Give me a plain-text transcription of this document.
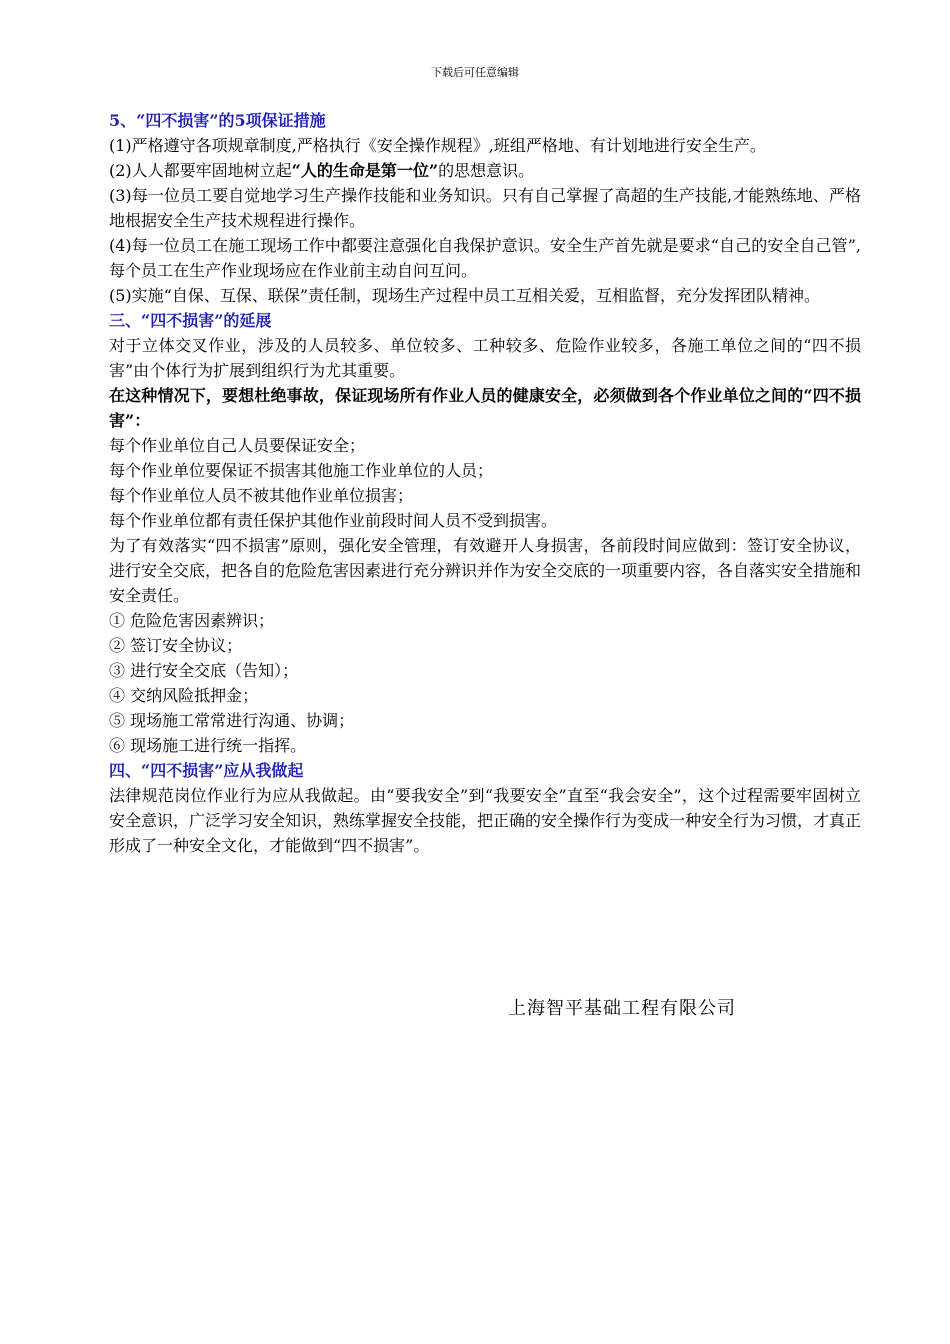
下载后可任意编辑

5、“四不损害”的5项保证措施

(1)严格遵守各项规章制度,严格执行《安全操作规程》,班组严格地、有计划地进行安全生产。

(2)人人都要牢固地树立起“人的生命是第一位”的思想意识。

(3)每一位员工要自觉地学习生产操作技能和业务知识。只有自己掌握了高超的生产技能,才能熟练地、严格地根据安全生产技术规程进行操作。

(4)每一位员工在施工现场工作中都要注意强化自我保护意识。安全生产首先就是要求“自己的安全自己管”,每个员工在生产作业现场应在作业前主动自问互问。

(5)实施“自保、互保、联保”责任制，现场生产过程中员工互相关爱，互相监督，充分发挥团队精神。

三、“四不损害”的延展

对于立体交叉作业，涉及的人员较多、单位较多、工种较多、危险作业较多，各施工单位之间的“四不损害”由个体行为扩展到组织行为尤其重要。

在这种情况下，要想杜绝事故，保证现场所有作业人员的健康安全，必须做到各个作业单位之间的“四不损害”：

每个作业单位自己人员要保证安全；

每个作业单位要保证不损害其他施工作业单位的人员；

每个作业单位人员不被其他作业单位损害；

每个作业单位都有责任保护其他作业前段时间人员不受到损害。

为了有效落实“四不损害”原则，强化安全管理，有效避开人身损害，各前段时间应做到：签订安全协议，进行安全交底，把各自的危险危害因素进行充分辨识并作为安全交底的一项重要内容，各自落实安全措施和安全责任。

① 危险危害因素辨识；

② 签订安全协议；

③ 进行安全交底（告知）；

④ 交纳风险抵押金；

⑤ 现场施工常常进行沟通、协调；

⑥ 现场施工进行统一指挥。

四、“四不损害”应从我做起

法律规范岗位作业行为应从我做起。由“要我安全”到“我要安全”直至“我会安全”，这个过程需要牢固树立安全意识，广泛学习安全知识，熟练掌握安全技能，把正确的安全操作行为变成一种安全行为习惯，才真正形成了一种安全文化，才能做到“四不损害”。

上海智平基础工程有限公司
